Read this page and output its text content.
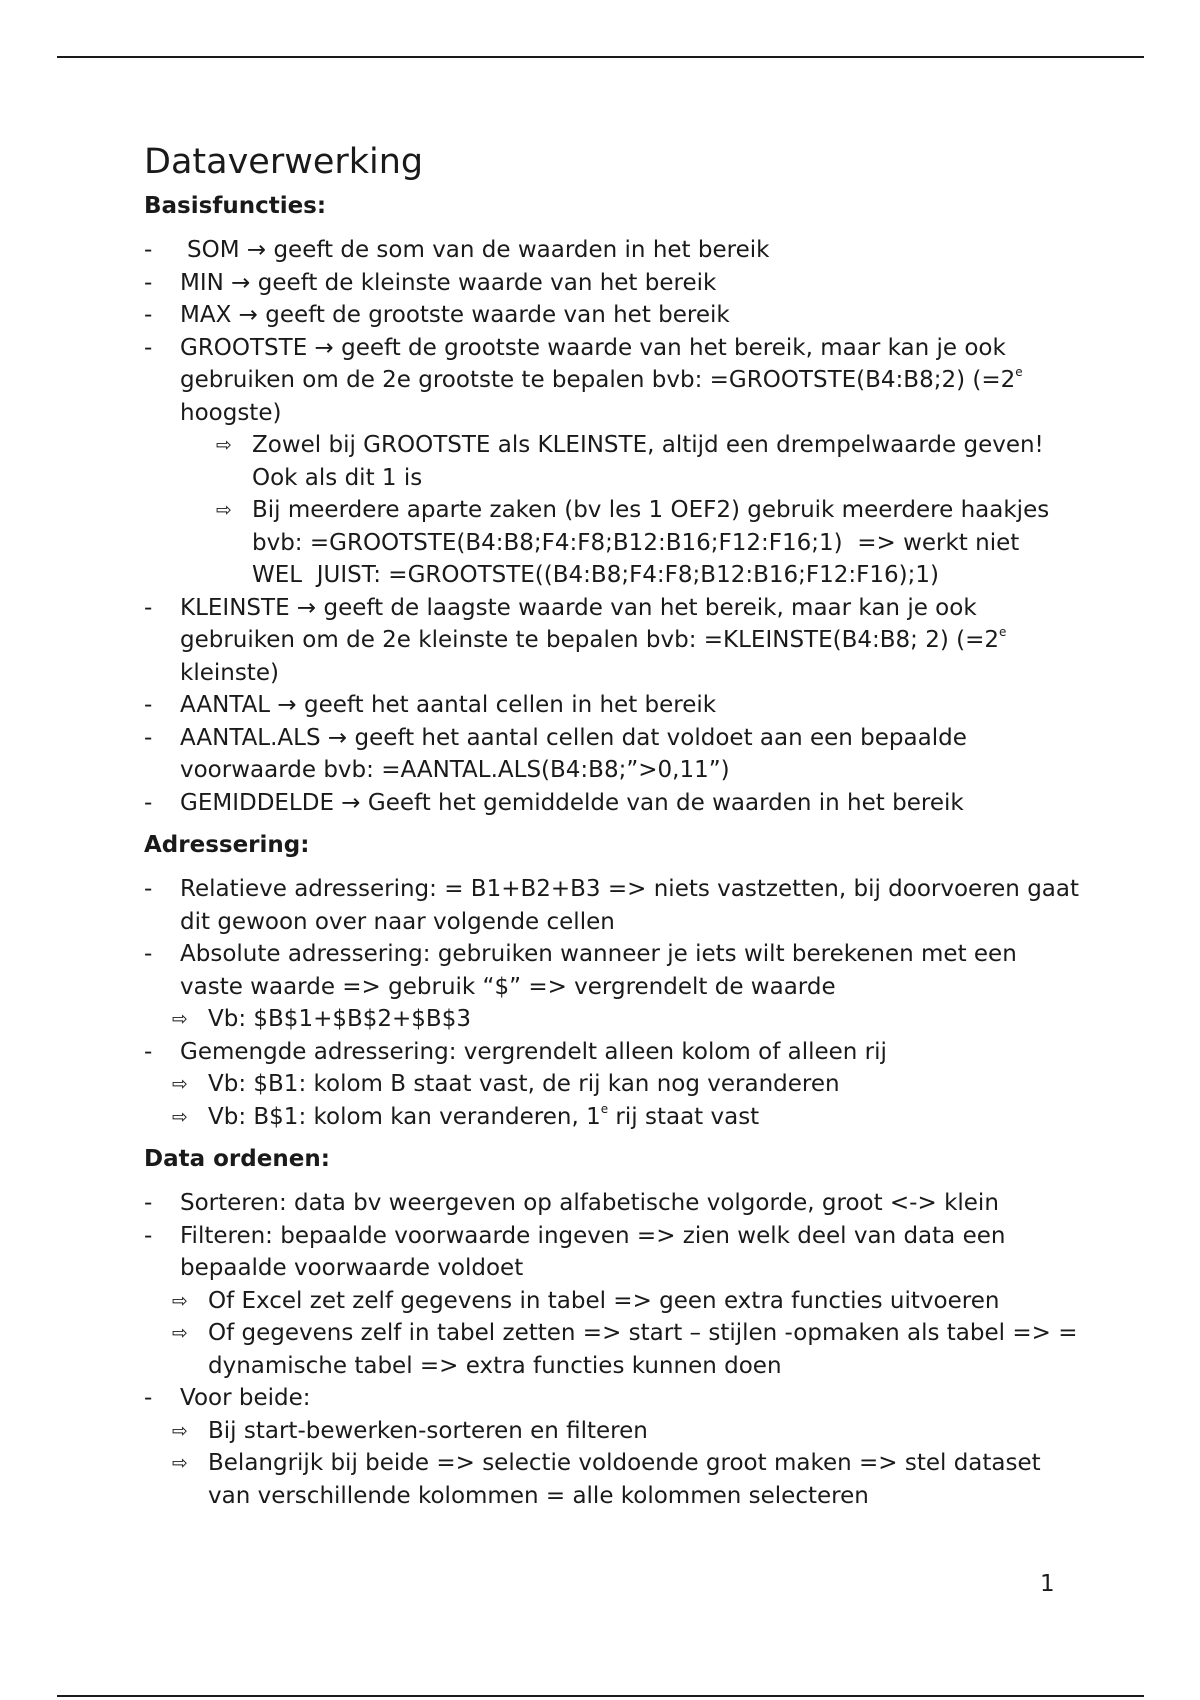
Dataverwerking
Basisfuncties:
-	SOM → geeft de som van de waarden in het bereik
-	MIN → geeft de kleinste waarde van het bereik
-	MAX → geeft de grootste waarde van het bereik
-	GROOTSTE → geeft de grootste waarde van het bereik, maar kan je ook gebruiken om de 2e grootste te bepalen bvb: =GROOTSTE(B4:B8;2) ($=2^e$ hoogste)
⇨ Zowel bij GROOTSTE als KLEINSTE, altijd een drempelwaarde geven! Ook als dit 1 is
⇨ Bij meerdere aparte zaken (bv les 1 OEF2) gebruik meerdere haakjes
bvb: =GROOTSTE(B4:B8;F4:F8;B12:B16;F12:F16;1)  => werkt niet
WEL  JUIST: =GROOTSTE((B4:B8;F4:F8;B12:B16;F12:F16);1)
-	KLEINSTE → geeft de laagste waarde van het bereik, maar kan je ook gebruiken om de 2e kleinste te bepalen bvb: =KLEINSTE(B4:B8; 2) ($=2^e$ kleinste)
-	AANTAL → geeft het aantal cellen in het bereik
-	AANTAL.ALS → geeft het aantal cellen dat voldoet aan een bepaalde voorwaarde bvb: =AANTAL.ALS(B4:B8;”>0,11”)
-	GEMIDDELDE → Geeft het gemiddelde van de waarden in het bereik
Adressering:
-	Relatieve adressering: = B1+B2+B3 => niets vastzetten, bij doorvoeren gaat dit gewoon over naar volgende cellen
-	Absolute adressering: gebruiken wanneer je iets wilt berekenen met een vaste waarde => gebruik “$” => vergrendelt de waarde
⇨ Vb: $B$1+$B$2+$B$3
-	Gemengde adressering: vergrendelt alleen kolom of alleen rij
⇨ Vb: $B1: kolom B staat vast, de rij kan nog veranderen
⇨ Vb: B$1: kolom kan veranderen, 1e rij staat vast
Data ordenen:
-	Sorteren: data bv weergeven op alfabetische volgorde, groot <-> klein
-	Filteren: bepaalde voorwaarde ingeven => zien welk deel van data een bepaalde voorwaarde voldoet
⇨ Of Excel zet zelf gegevens in tabel => geen extra functies uitvoeren
⇨ Of gegevens zelf in tabel zetten => start – stijlen -opmaken als tabel => = dynamische tabel => extra functies kunnen doen
-	Voor beide:
⇨ Bij start-bewerken-sorteren en filteren
⇨ Belangrijk bij beide => selectie voldoende groot maken => stel dataset van verschillende kolommen = alle kolommen selecteren
1
